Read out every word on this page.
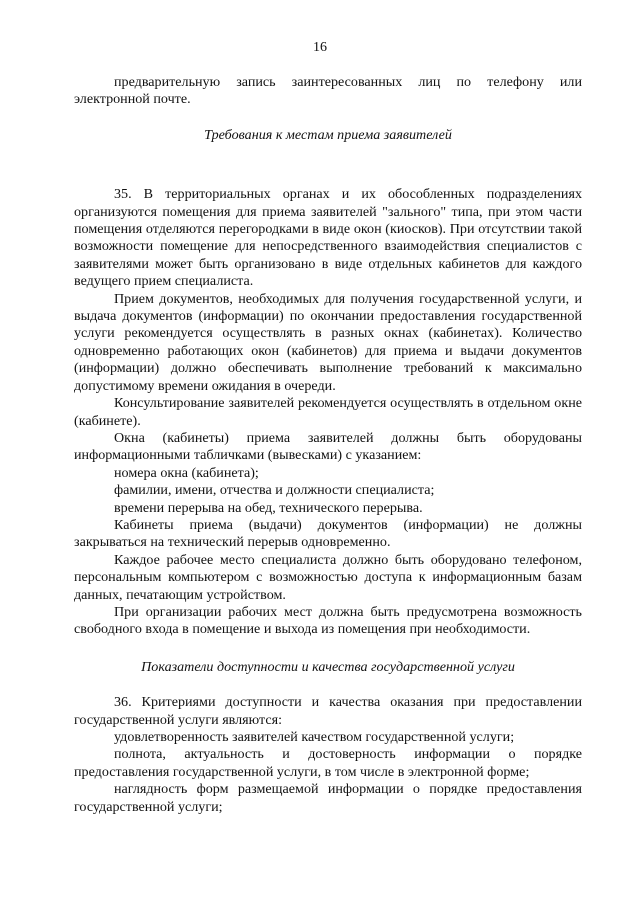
16

предварительную запись заинтересованных лиц по телефону или электронной почте.

Требования к местам приема заявителей

35. В территориальных органах и их обособленных подразделениях организуются помещения для приема заявителей "зального" типа, при этом части помещения отделяются перегородками в виде окон (киосков). При отсутствии такой возможности помещение для непосредственного взаимодействия специалистов с заявителями может быть организовано в виде отдельных кабинетов для каждого ведущего прием специалиста.

Прием документов, необходимых для получения государственной услуги, и выдача документов (информации) по окончании предоставления государственной услуги рекомендуется осуществлять в разных окнах (кабинетах). Количество одновременно работающих окон (кабинетов) для приема и выдачи документов (информации) должно обеспечивать выполнение требований к максимально допустимому времени ожидания в очереди.

Консультирование заявителей рекомендуется осуществлять в отдельном окне (кабинете).

Окна (кабинеты) приема заявителей должны быть оборудованы информационными табличками (вывесками) с указанием:

номера окна (кабинета);

фамилии, имени, отчества и должности специалиста;

времени перерыва на обед, технического перерыва.

Кабинеты приема (выдачи) документов (информации) не должны закрываться на технический перерыв одновременно.

Каждое рабочее место специалиста должно быть оборудовано телефоном, персональным компьютером с возможностью доступа к информационным базам данных, печатающим устройством.

При организации рабочих мест должна быть предусмотрена возможность свободного входа в помещение и выхода из помещения при необходимости.

Показатели доступности и качества государственной услуги

36. Критериями доступности и качества оказания при предоставлении государственной услуги являются:

удовлетворенность заявителей качеством государственной услуги;

полнота, актуальность и достоверность информации о порядке предоставления государственной услуги, в том числе в электронной форме;

наглядность форм размещаемой информации о порядке предоставления государственной услуги;
